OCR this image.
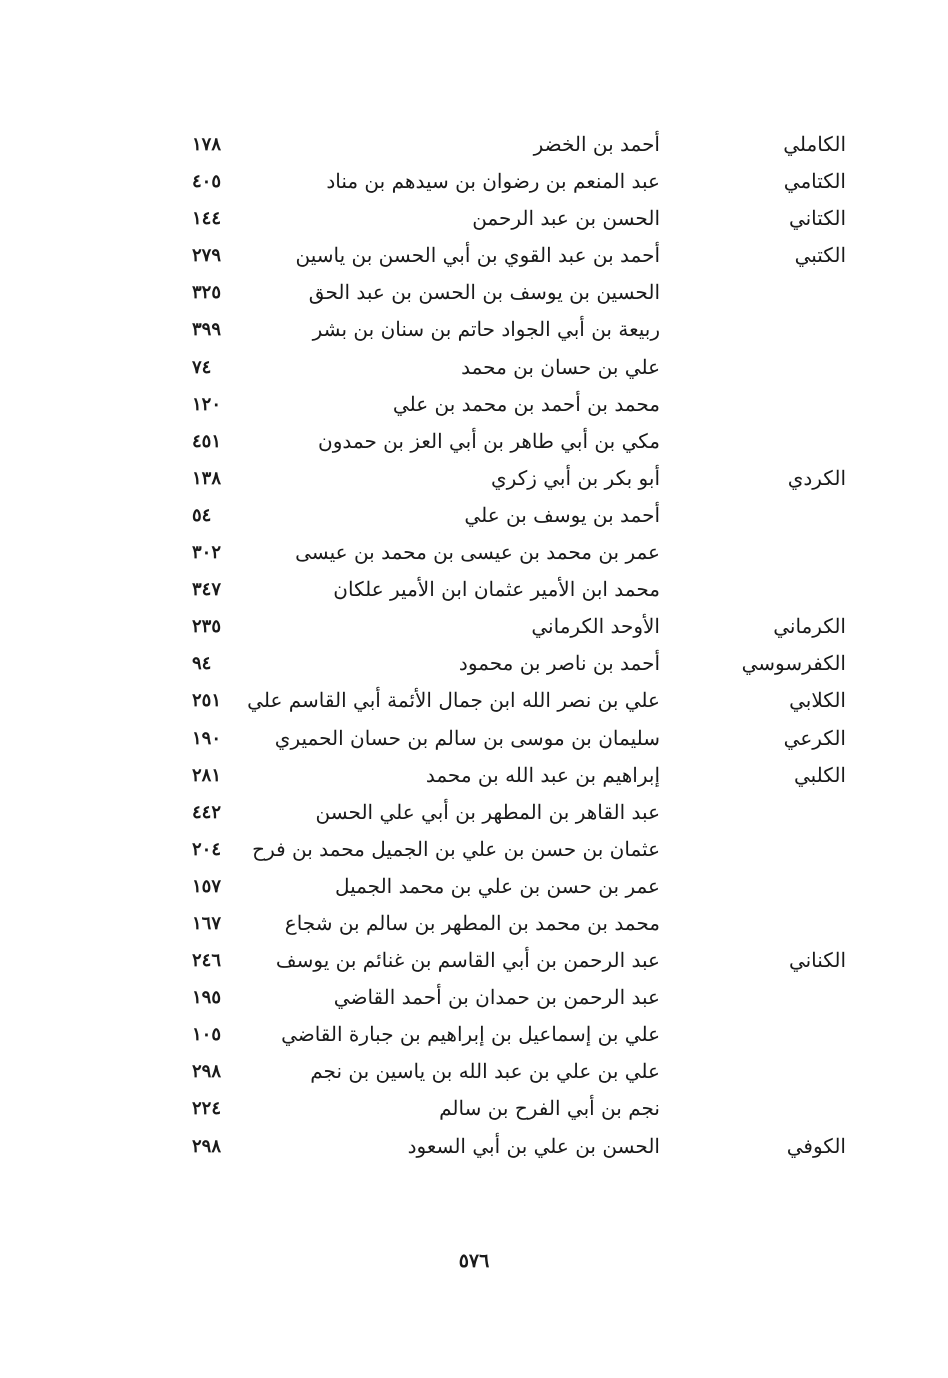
الكاملي
أحمد بن الخضر
١٧٨
الكتامي
عبد المنعم بن رضوان بن سيدهم بن مناد
٤٠٥
الكتاني
الحسن بن عبد الرحمن
١٤٤
الكتبي
أحمد بن عبد القوي بن أبي الحسن بن ياسين
٢٧٩
الحسين بن يوسف بن الحسن بن عبد الحق
٣٢٥
ربيعة بن أبي الجواد حاتم بن سنان بن بشر
٣٩٩
علي بن حسان بن محمد
٧٤
محمد بن أحمد بن محمد بن علي
١٢٠
مكي بن أبي طاهر بن أبي العز بن حمدون
٤٥١
الكردي
أبو بكر بن أبي زكري
١٣٨
أحمد بن يوسف بن علي
٥٤
عمر بن محمد بن عيسى بن محمد بن عيسى
٣٠٢
محمد ابن الأمير عثمان ابن الأمير علكان
٣٤٧
الكرماني
الأوحد الكرماني
٢٣٥
الكفرسوسي
أحمد بن ناصر بن محمود
٩٤
الكلابي
علي بن نصر الله ابن جمال الأئمة أبي القاسم علي
٢٥١
الكرعي
سليمان بن موسى بن سالم بن حسان الحميري
١٩٠
الكلبي
إبراهيم بن عبد الله بن محمد
٢٨١
عبد القاهر بن المطهر بن أبي علي الحسن
٤٤٢
عثمان بن حسن بن علي بن الجميل محمد بن فرح
٢٠٤
عمر بن حسن بن علي بن محمد الجميل
١٥٧
محمد بن محمد بن المطهر بن سالم بن شجاع
١٦٧
الكناني
عبد الرحمن بن أبي القاسم بن غنائم بن يوسف
٢٤٦
عبد الرحمن بن حمدان بن أحمد القاضي
١٩٥
علي بن إسماعيل بن إبراهيم بن جبارة القاضي
١٠٥
علي بن علي بن عبد الله بن ياسين بن نجم
٢٩٨
نجم بن أبي الفرح بن سالم
٢٢٤
الكوفي
الحسن بن علي بن أبي السعود
٢٩٨
٥٧٦
